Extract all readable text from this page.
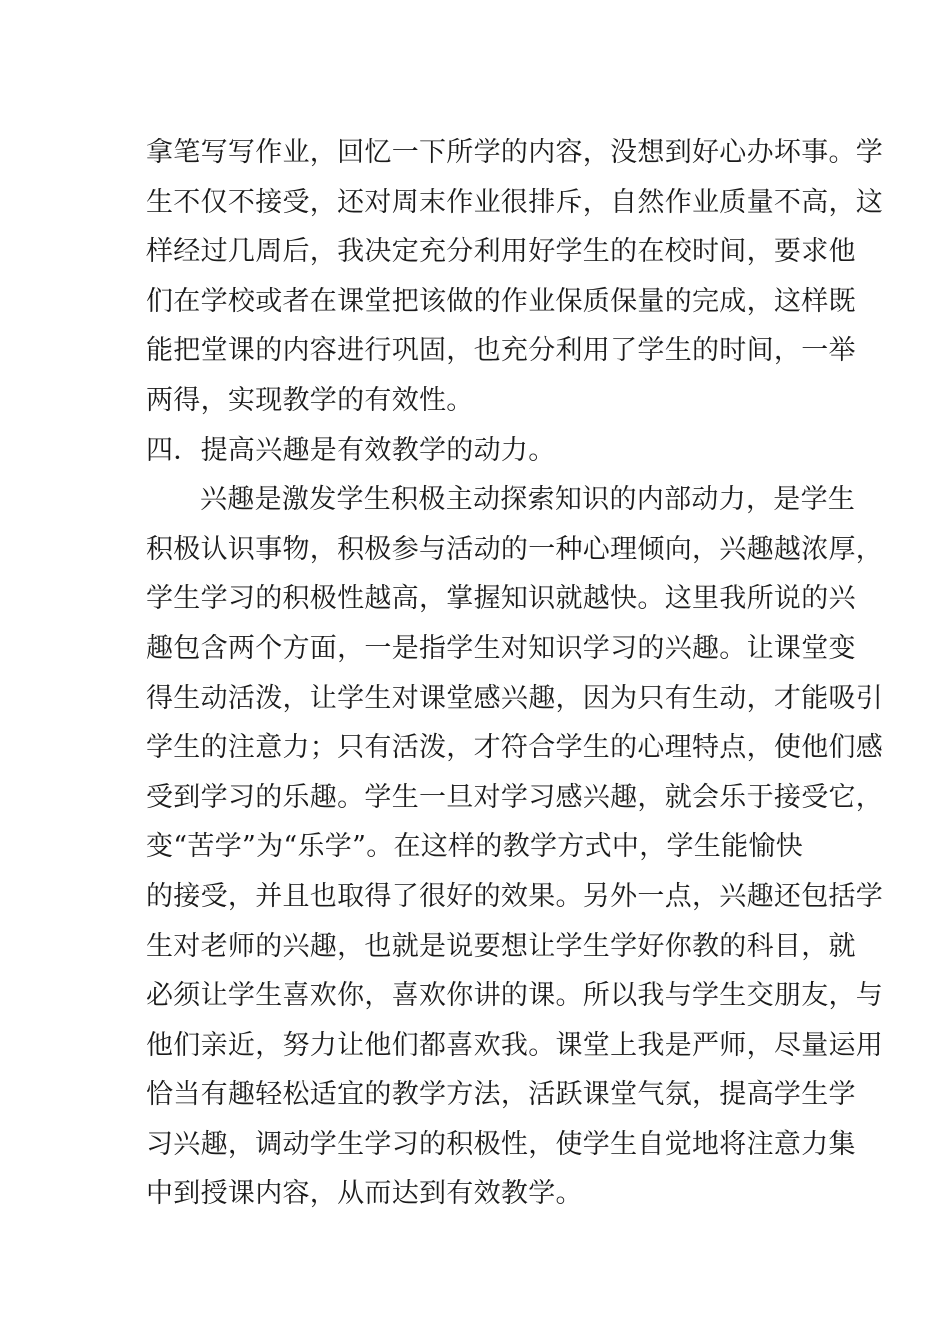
拿笔写写作业，回忆一下所学的内容，没想到好心办坏事。学
生不仅不接受，还对周末作业很排斥，自然作业质量不高，这
样经过几周后，我决定充分利用好学生的在校时间，要求他
们在学校或者在课堂把该做的作业保质保量的完成，这样既
能把堂课的内容进行巩固，也充分利用了学生的时间，一举
两得，实现教学的有效性。
四．提高兴趣是有效教学的动力。
兴趣是激发学生积极主动探索知识的内部动力，是学生
积极认识事物，积极参与活动的一种心理倾向，兴趣越浓厚，
学生学习的积极性越高，掌握知识就越快。这里我所说的兴
趣包含两个方面，一是指学生对知识学习的兴趣。让课堂变
得生动活泼，让学生对课堂感兴趣，因为只有生动，才能吸引
学生的注意力；只有活泼，才符合学生的心理特点，使他们感
受到学习的乐趣。学生一旦对学习感兴趣，就会乐于接受它，
变“苦学”为“乐学”。在这样的教学方式中，学生能愉快
的接受，并且也取得了很好的效果。另外一点，兴趣还包括学
生对老师的兴趣，也就是说要想让学生学好你教的科目，就
必须让学生喜欢你，喜欢你讲的课。所以我与学生交朋友，与
他们亲近，努力让他们都喜欢我。课堂上我是严师，尽量运用
恰当有趣轻松适宜的教学方法，活跃课堂气氛，提高学生学
习兴趣，调动学生学习的积极性，使学生自觉地将注意力集
中到授课内容，从而达到有效教学。
